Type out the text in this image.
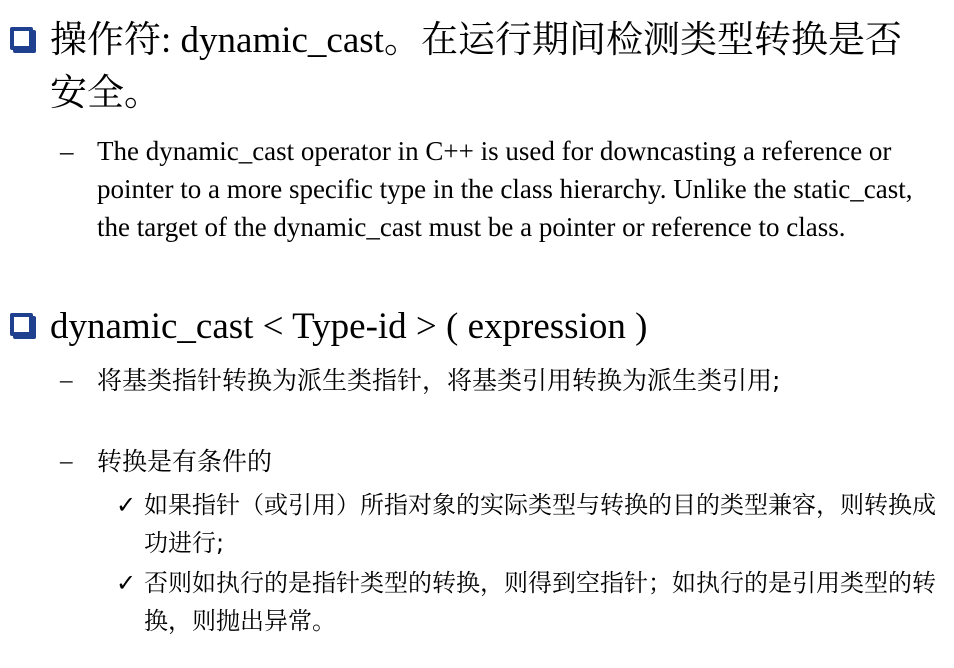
操作符: dynamic_cast。在运行期间检测类型转换是否安全。
– The dynamic_cast operator in C++ is used for downcasting a reference or pointer to a more specific type in the class hierarchy. Unlike the static_cast, the target of the dynamic_cast must be a pointer or reference to class.
dynamic_cast < Type-id > ( expression )
– 将基类指针转换为派生类指针，将基类引用转换为派生类引用;
– 转换是有条件的
✓ 如果指针（或引用）所指对象的实际类型与转换的目的类型兼容，则转换成功进行;
✓ 否则如执行的是指针类型的转换，则得到空指针；如执行的是引用类型的转换，则抛出异常。
